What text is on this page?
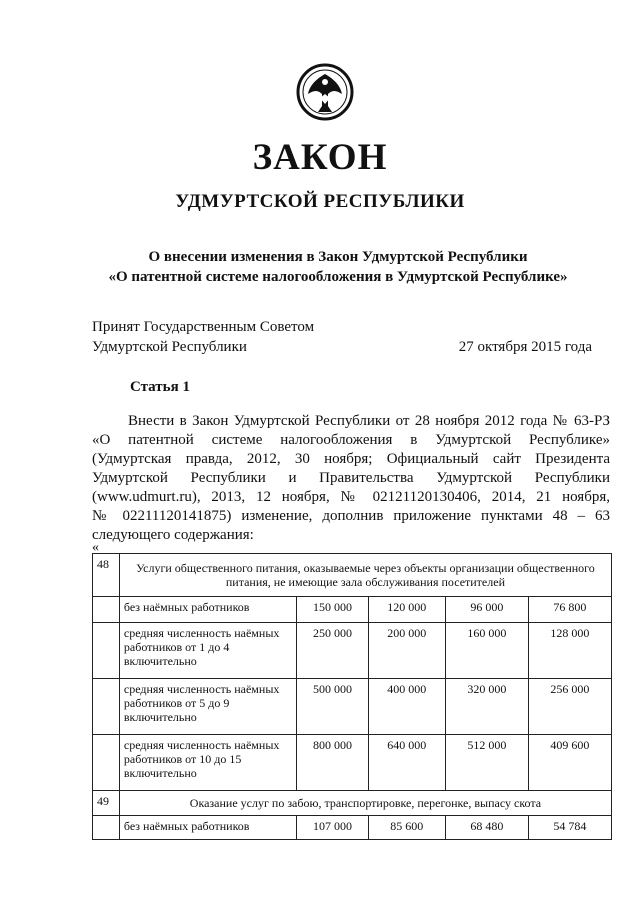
ЗАКОН
УДМУРТСКОЙ РЕСПУБЛИКИ
О внесении изменения в Закон Удмуртской Республики
«О патентной системе налогообложения в Удмуртской Республике»
Принят Государственным Советом
Удмуртской Республики	27 октября 2015 года
Статья 1
Внести в Закон Удмуртской Республики от 28 ноября 2012 года № 63-РЗ
«О патентной системе налогообложения в Удмуртской Республике»
(Удмуртская правда, 2012, 30 ноября; Официальный сайт Президента
Удмуртской Республики и Правительства Удмуртской Республики
(www.udmurt.ru), 2013, 12 ноября, № 02121120130406, 2014, 21 ноября,
№ 02211120141875) изменение, дополнив приложение пунктами 48 – 63
следующего содержания:
«
48	Услуги общественного питания, оказываемые через объекты организации общественного питания, не имеющие зала обслуживания посетителей				
	без наёмных работников	150 000	120 000	96 000	76 800
	средняя численность наёмных работников от 1 до 4 включительно	250 000	200 000	160 000	128 000
	средняя численность наёмных работников от 5 до 9 включительно	500 000	400 000	320 000	256 000
	средняя численность наёмных работников от 10 до 15 включительно	800 000	640 000	512 000	409 600
49	Оказание услуг по забою, транспортировке, перегонке, выпасу скота				
	без наёмных работников	107 000	85 600	68 480	54 784
